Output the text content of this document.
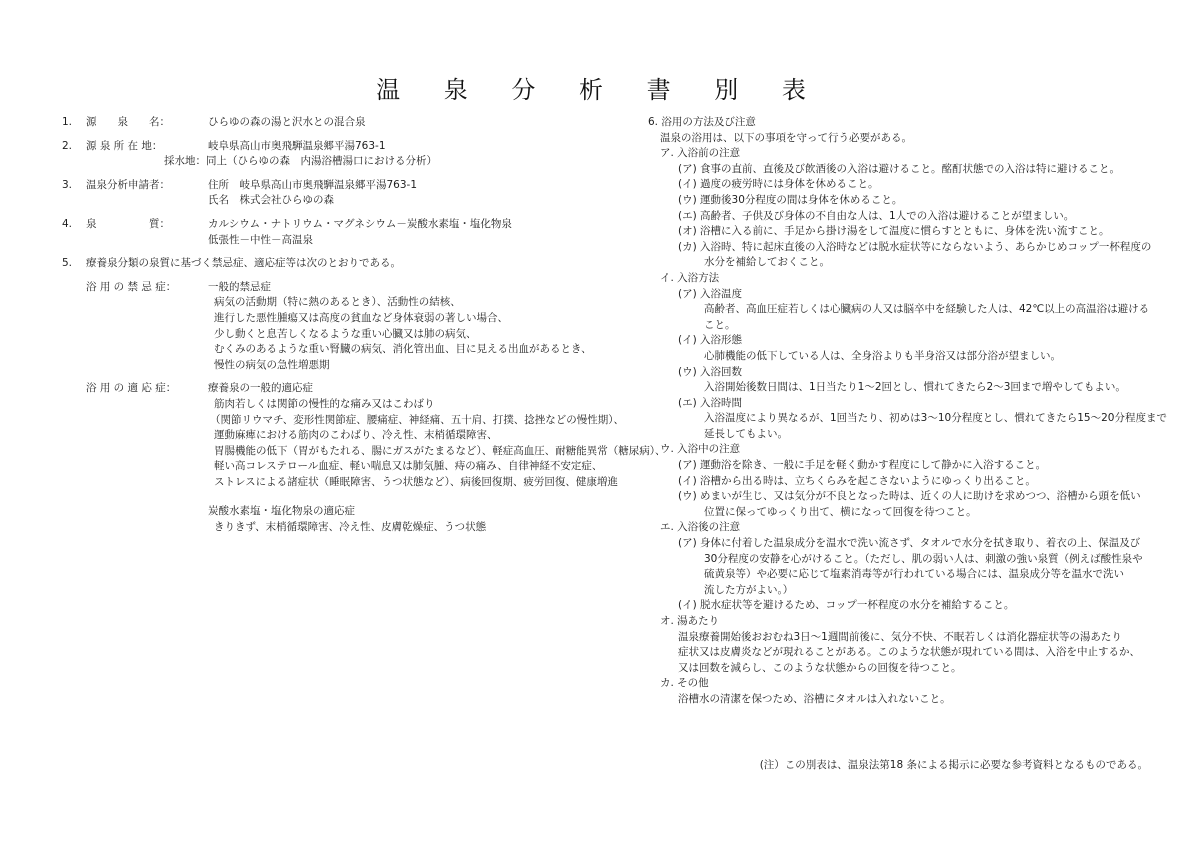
温 泉 分 析 書 別 表
1.	源　　泉　　名：	ひらゆの森の湯と沢水との混合泉
2.	源 泉 所 在 地：	岐阜県高山市奥飛騨温泉郷平湯763-1
採水地：同上（ひらゆの森　内湯浴槽湯口における分析）
3.	温泉分析申請者：	住所　岐阜県高山市奥飛騨温泉郷平湯763-1
氏名　株式会社ひらゆの森
4.	泉　　　　　質：	カルシウム・ナトリウム・マグネシウム－炭酸水素塩・塩化物泉
低張性－中性－高温泉
5.	療養泉分類の泉質に基づく禁忌症、適応症等は次のとおりである。
浴 用 の 禁 忌 症：	一般的禁忌症
病気の活動期（特に熱のあるとき）、活動性の結核、
進行した悪性腫瘍又は高度の貧血など身体衰弱の著しい場合、
少し動くと息苦しくなるような重い心臓又は肺の病気、
むくみのあるような重い腎臓の病気、消化管出血、目に見える出血があるとき、
慢性の病気の急性増悪期
浴 用 の 適 応 症：	療養泉の一般的適応症
筋肉若しくは関節の慢性的な痛み又はこわばり
（関節リウマチ、変形性関節症、腰痛症、神経痛、五十肩、打撲、捻挫などの慢性期）、
運動麻痺における筋肉のこわばり、冷え性、末梢循環障害、
胃腸機能の低下（胃がもたれる、腸にガスがたまるなど）、軽症高血圧、耐糖能異常（糖尿病）、
軽い高コレステロール血症、軽い喘息又は肺気腫、痔の痛み、自律神経不安定症、
ストレスによる諸症状（睡眠障害、うつ状態など）、病後回復期、疲労回復、健康増進
炭酸水素塩・塩化物泉の適応症
きりきず、末梢循環障害、冷え性、皮膚乾燥症、うつ状態
6. 浴用の方法及び注意
温泉の浴用は、以下の事項を守って行う必要がある。
ア. 入浴前の注意
(ア) 食事の直前、直後及び飲酒後の入浴は避けること。酩酊状態での入浴は特に避けること。
(イ) 過度の疲労時には身体を休めること。
(ウ) 運動後30分程度の間は身体を休めること。
(エ) 高齢者、子供及び身体の不自由な人は、1人での入浴は避けることが望ましい。
(オ) 浴槽に入る前に、手足から掛け湯をして温度に慣らすとともに、身体を洗い流すこと。
(カ) 入浴時、特に起床直後の入浴時などは脱水症状等にならないよう、あらかじめコップ一杯程度の
水分を補給しておくこと。
イ. 入浴方法
(ア) 入浴温度
高齢者、高血圧症若しくは心臓病の人又は脳卒中を経験した人は、42℃以上の高温浴は避ける
こと。
(イ) 入浴形態
心肺機能の低下している人は、全身浴よりも半身浴又は部分浴が望ましい。
(ウ) 入浴回数
入浴開始後数日間は、1日当たり1～2回とし、慣れてきたら2～3回まで増やしてもよい。
(エ) 入浴時間
入浴温度により異なるが、1回当たり、初めは3～10分程度とし、慣れてきたら15～20分程度まで
延長してもよい。
ウ. 入浴中の注意
(ア) 運動浴を除き、一般に手足を軽く動かす程度にして静かに入浴すること。
(イ) 浴槽から出る時は、立ちくらみを起こさないようにゆっくり出ること。
(ウ) めまいが生じ、又は気分が不良となった時は、近くの人に助けを求めつつ、浴槽から頭を低い
位置に保ってゆっくり出て、横になって回復を待つこと。
エ. 入浴後の注意
(ア) 身体に付着した温泉成分を温水で洗い流さず、タオルで水分を拭き取り、着衣の上、保温及び
30分程度の安静を心がけること。（ただし、肌の弱い人は、刺激の強い泉質（例えば酸性泉や
硫黄泉等）や必要に応じて塩素消毒等が行われている場合には、温泉成分等を温水で洗い
流した方がよい。）
(イ) 脱水症状等を避けるため、コップ一杯程度の水分を補給すること。
オ. 湯あたり
温泉療養開始後おおむね3日～1週間前後に、気分不快、不眠若しくは消化器症状等の湯あたり
症状又は皮膚炎などが現れることがある。このような状態が現れている間は、入浴を中止するか、
又は回数を減らし、このような状態からの回復を待つこと。
カ. その他
浴槽水の清潔を保つため、浴槽にタオルは入れないこと。
(注）この別表は、温泉法第18 条による掲示に必要な参考資料となるものである。
